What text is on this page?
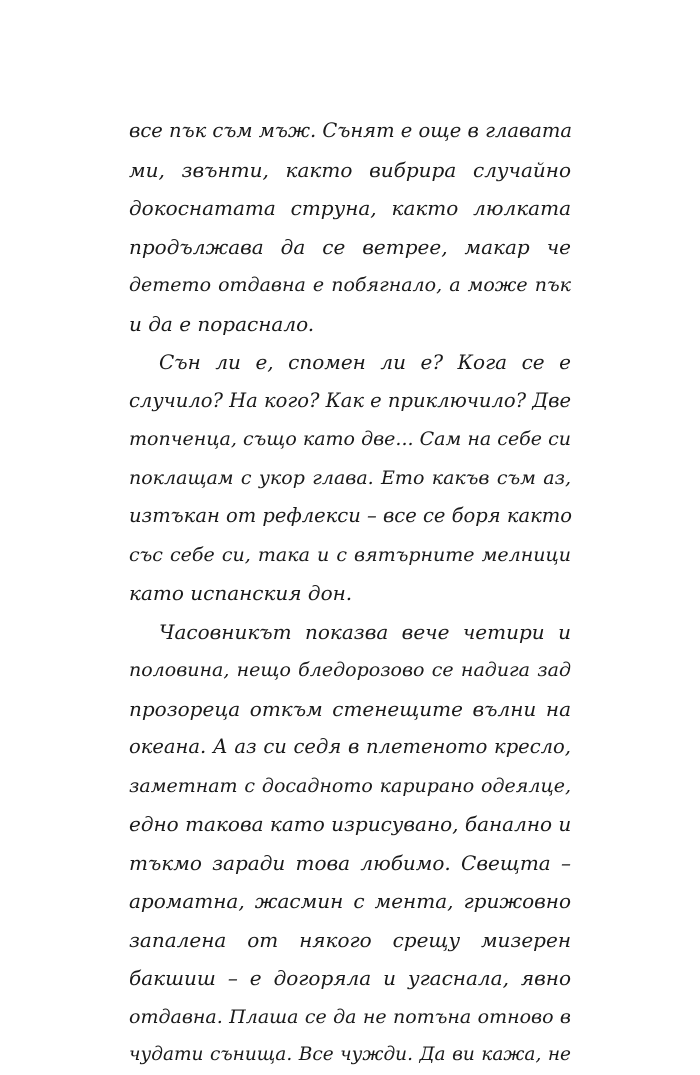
все пък съм мъж. Сънят е още в главата
ми, звънти, както вибрира случайно
докоснатата струна, както люлката
продължава да се ветрее, макар че
детето отдавна е побягнало, а може пък
и да е порасналo.
Сън ли е, спомен ли е? Кога се е
случило? На кого? Как е приключило? Две
топченца, също като две... Сам на себе си
поклащам с укор глава. Ето какъв съм аз,
изтъкан от рефлекси – все се боря както
със себе си, така и с вятърните мелници
като испанския дон.
Часовникът показва вече четири и
половина, нещо бледорозово се надига зад
прозореца откъм стенещите вълни на
океана. А аз си седя в плетеното кресло,
заметнат с досадното карирано одеялце,
едно такова като изрисувано, банално и
тъкмо заради това любимо. Свещта –
ароматна, жасмин с мента, грижовно
запалена от някого срещу мизерен
бакшиш – е догоряла и угаснала, явно
отдавна. Плаша се да не потъна отново в
чудати сънища. Все чужди. Да ви кажа, не
